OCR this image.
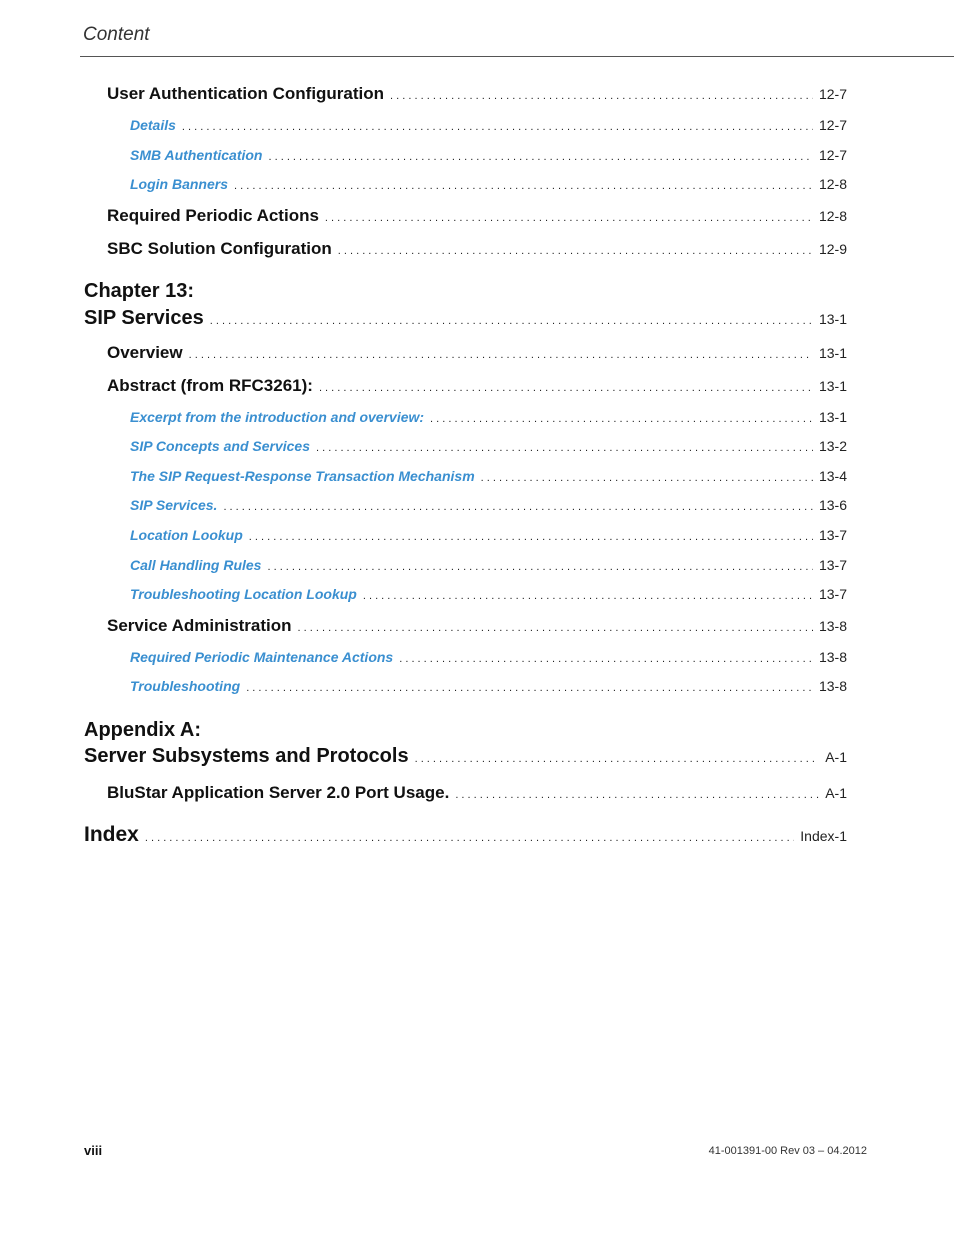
Content
User Authentication Configuration . . .	12-7
Details . . .	12-7
SMB Authentication . . .	12-7
Login Banners . . .	12-8
Required Periodic Actions . . .	12-8
SBC Solution Configuration . . .	12-9
Chapter 13:
SIP Services . . .	13-1
Overview . . .	13-1
Abstract (from RFC3261): . . .	13-1
Excerpt from the introduction and overview: . . .	13-1
SIP Concepts and Services . . .	13-2
The SIP Request-Response Transaction Mechanism . . .	13-4
SIP Services. . . .	13-6
Location Lookup . . .	13-7
Call Handling Rules . . .	13-7
Troubleshooting Location Lookup . . .	13-7
Service Administration . . .	13-8
Required Periodic Maintenance Actions . . .	13-8
Troubleshooting . . .	13-8
Appendix A:
Server Subsystems and Protocols . . .	A-1
BluStar Application Server 2.0 Port Usage. . . .	A-1
Index . . .	Index-1
viii	41-001391-00 Rev 03 – 04.2012
